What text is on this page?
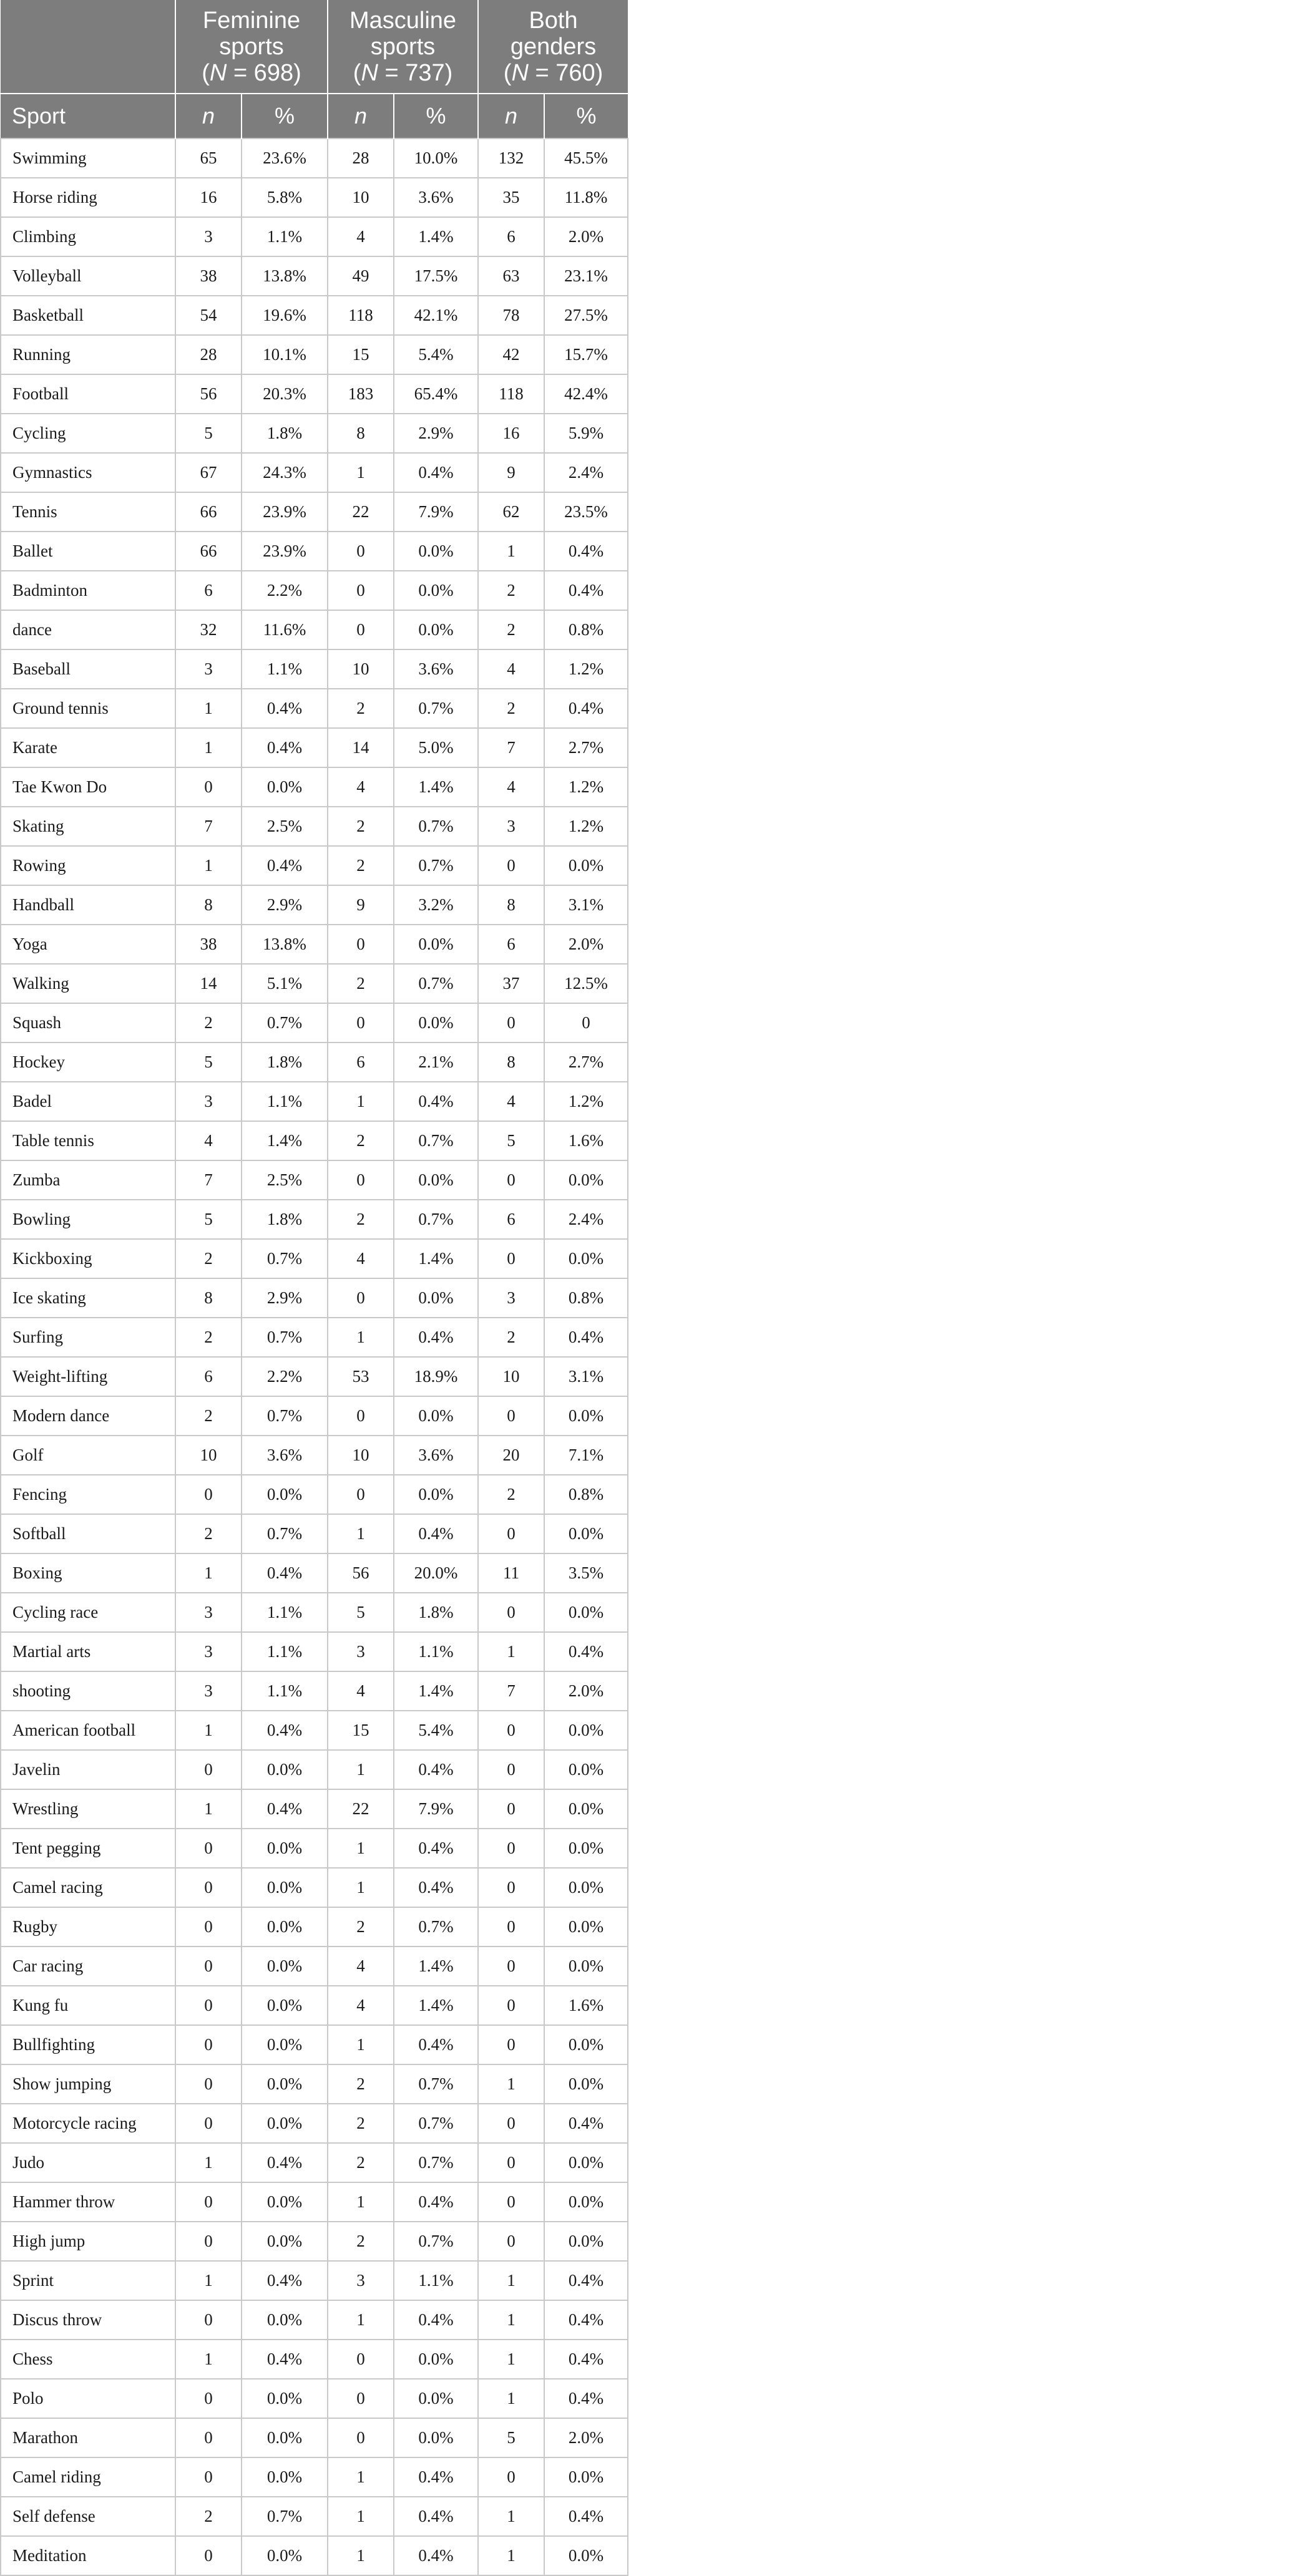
	Feminine
sports
(N = 698)		Masculine
sports
(N = 737)		Both
genders
(N = 760)	
Sport	n	%	n	%	n	%
Swimming	65	23.6%	28	10.0%	132	45.5%
Horse riding	16	5.8%	10	3.6%	35	11.8%
Climbing	3	1.1%	4	1.4%	6	2.0%
Volleyball	38	13.8%	49	17.5%	63	23.1%
Basketball	54	19.6%	118	42.1%	78	27.5%
Running	28	10.1%	15	5.4%	42	15.7%
Football	56	20.3%	183	65.4%	118	42.4%
Cycling	5	1.8%	8	2.9%	16	5.9%
Gymnastics	67	24.3%	1	0.4%	9	2.4%
Tennis	66	23.9%	22	7.9%	62	23.5%
Ballet	66	23.9%	0	0.0%	1	0.4%
Badminton	6	2.2%	0	0.0%	2	0.4%
dance	32	11.6%	0	0.0%	2	0.8%
Baseball	3	1.1%	10	3.6%	4	1.2%
Ground tennis	1	0.4%	2	0.7%	2	0.4%
Karate	1	0.4%	14	5.0%	7	2.7%
Tae Kwon Do	0	0.0%	4	1.4%	4	1.2%
Skating	7	2.5%	2	0.7%	3	1.2%
Rowing	1	0.4%	2	0.7%	0	0.0%
Handball	8	2.9%	9	3.2%	8	3.1%
Yoga	38	13.8%	0	0.0%	6	2.0%
Walking	14	5.1%	2	0.7%	37	12.5%
Squash	2	0.7%	0	0.0%	0	0
Hockey	5	1.8%	6	2.1%	8	2.7%
Badel	3	1.1%	1	0.4%	4	1.2%
Table tennis	4	1.4%	2	0.7%	5	1.6%
Zumba	7	2.5%	0	0.0%	0	0.0%
Bowling	5	1.8%	2	0.7%	6	2.4%
Kickboxing	2	0.7%	4	1.4%	0	0.0%
Ice skating	8	2.9%	0	0.0%	3	0.8%
Surfing	2	0.7%	1	0.4%	2	0.4%
Weight-lifting	6	2.2%	53	18.9%	10	3.1%
Modern dance	2	0.7%	0	0.0%	0	0.0%
Golf	10	3.6%	10	3.6%	20	7.1%
Fencing	0	0.0%	0	0.0%	2	0.8%
Softball	2	0.7%	1	0.4%	0	0.0%
Boxing	1	0.4%	56	20.0%	11	3.5%
Cycling race	3	1.1%	5	1.8%	0	0.0%
Martial arts	3	1.1%	3	1.1%	1	0.4%
shooting	3	1.1%	4	1.4%	7	2.0%
American football	1	0.4%	15	5.4%	0	0.0%
Javelin	0	0.0%	1	0.4%	0	0.0%
Wrestling	1	0.4%	22	7.9%	0	0.0%
Tent pegging	0	0.0%	1	0.4%	0	0.0%
Camel racing	0	0.0%	1	0.4%	0	0.0%
Rugby	0	0.0%	2	0.7%	0	0.0%
Car racing	0	0.0%	4	1.4%	0	0.0%
Kung fu	0	0.0%	4	1.4%	0	1.6%
Bullfighting	0	0.0%	1	0.4%	0	0.0%
Show jumping	0	0.0%	2	0.7%	1	0.0%
Motorcycle racing	0	0.0%	2	0.7%	0	0.4%
Judo	1	0.4%	2	0.7%	0	0.0%
Hammer throw	0	0.0%	1	0.4%	0	0.0%
High jump	0	0.0%	2	0.7%	0	0.0%
Sprint	1	0.4%	3	1.1%	1	0.4%
Discus throw	0	0.0%	1	0.4%	1	0.4%
Chess	1	0.4%	0	0.0%	1	0.4%
Polo	0	0.0%	0	0.0%	1	0.4%
Marathon	0	0.0%	0	0.0%	5	2.0%
Camel riding	0	0.0%	1	0.4%	0	0.0%
Self defense	2	0.7%	1	0.4%	1	0.4%
Meditation	0	0.0%	1	0.4%	1	0.0%
